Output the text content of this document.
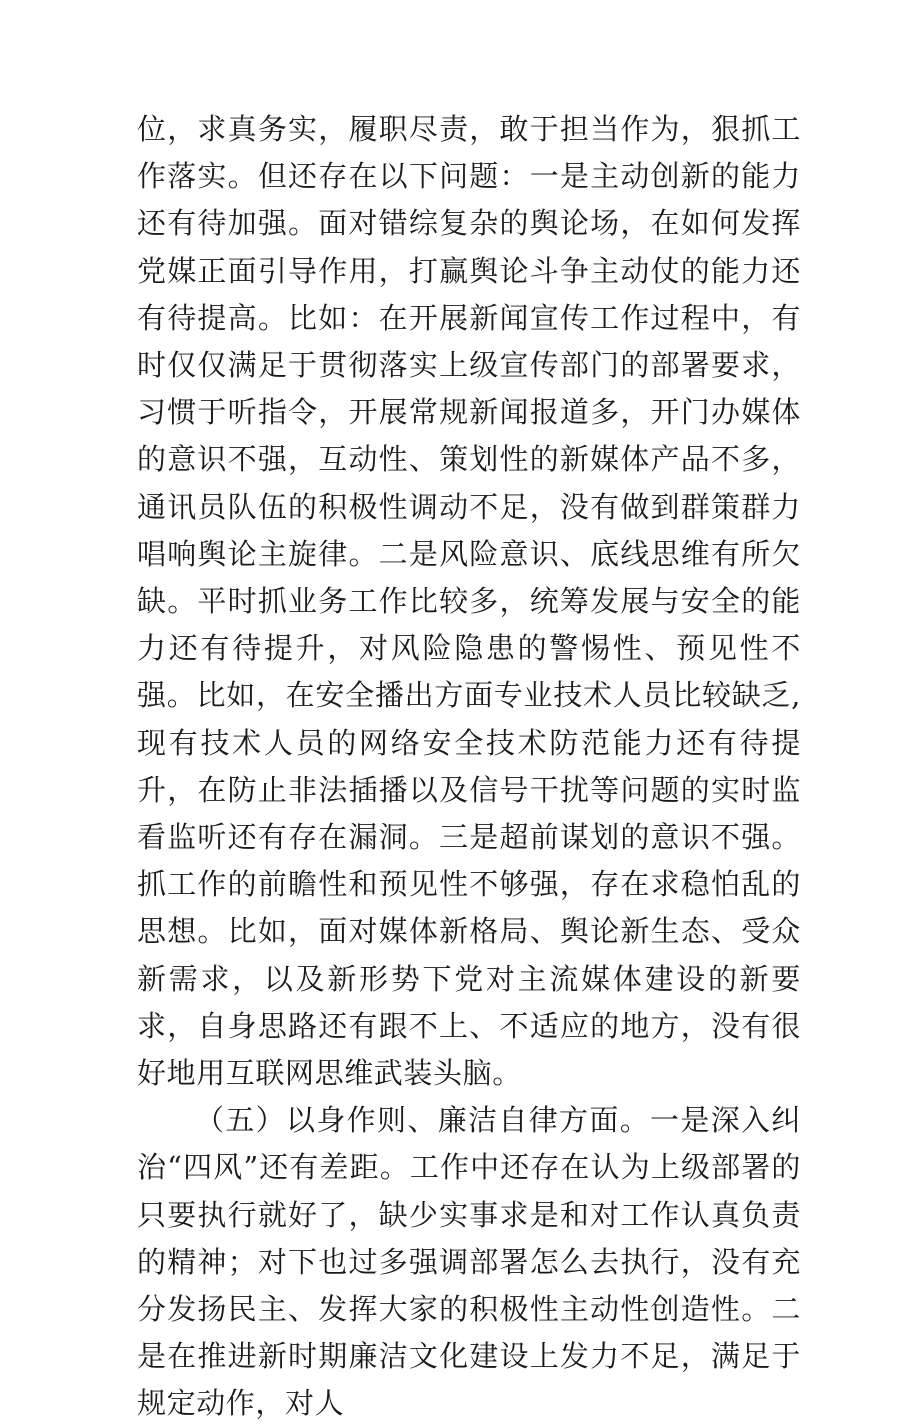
位，求真务实，履职尽责，敢于担当作为，狠抓工作落实。但还存在以下问题：一是主动创新的能力还有待加强。面对错综复杂的舆论场，在如何发挥党媒正面引导作用，打赢舆论斗争主动仗的能力还有待提高。比如：在开展新闻宣传工作过程中，有时仅仅满足于贯彻落实上级宣传部门的部署要求，习惯于听指令，开展常规新闻报道多，开门办媒体的意识不强，互动性、策划性的新媒体产品不多，通讯员队伍的积极性调动不足，没有做到群策群力唱响舆论主旋律。二是风险意识、底线思维有所欠缺。平时抓业务工作比较多，统筹发展与安全的能力还有待提升，对风险隐患的警惕性、预见性不强。比如，在安全播出方面专业技术人员比较缺乏,现有技术人员的网络安全技术防范能力还有待提升，在防止非法插播以及信号干扰等问题的实时监看监听还有存在漏洞。三是超前谋划的意识不强。抓工作的前瞻性和预见性不够强，存在求稳怕乱的思想。比如，面对媒体新格局、舆论新生态、受众新需求，以及新形势下党对主流媒体建设的新要求，自身思路还有跟不上、不适应的地方，没有很好地用互联网思维武装头脑。

（五）以身作则、廉洁自律方面。一是深入纠治“四风”还有差距。工作中还存在认为上级部署的只要执行就好了，缺少实事求是和对工作认真负责的精神；对下也过多强调部署怎么去执行，没有充分发扬民主、发挥大家的积极性主动性创造性。二是在推进新时期廉洁文化建设上发力不足，满足于规定动作，对人
